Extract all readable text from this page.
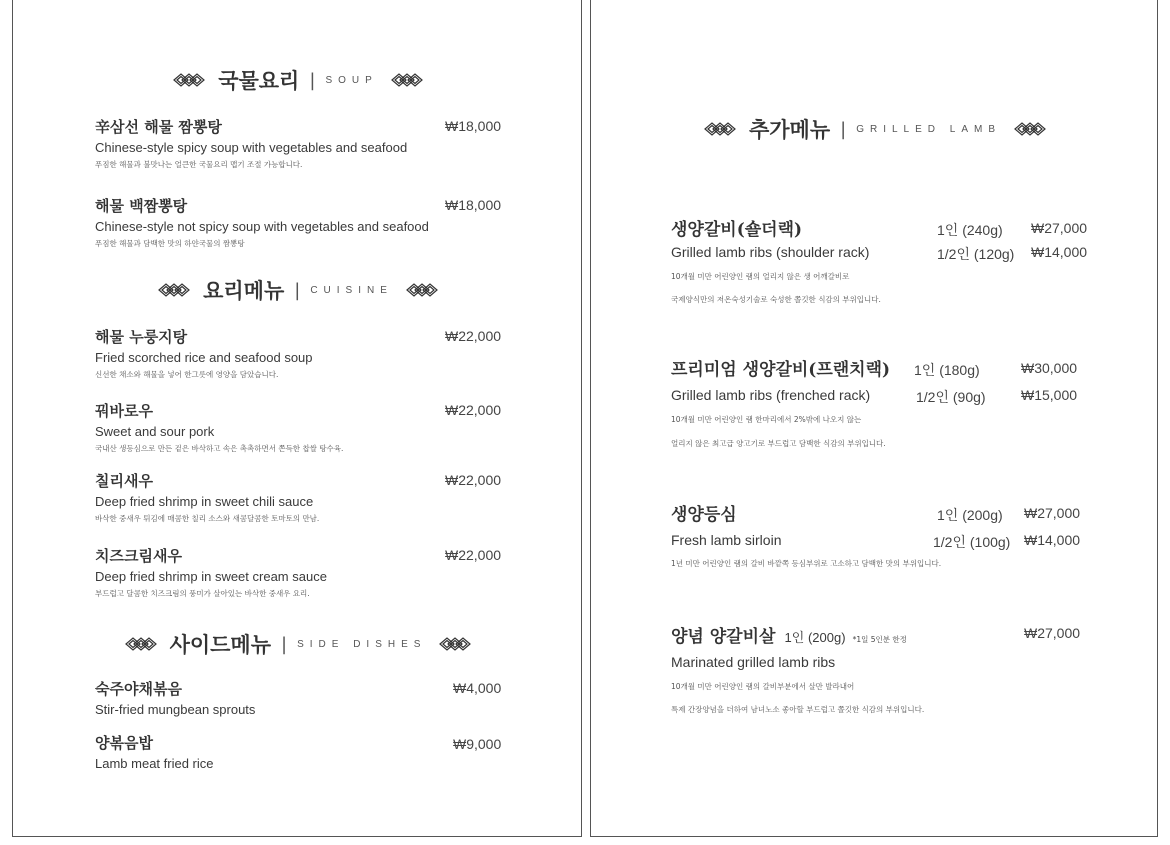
국물요리 | SOUP
辛삼선 해물 짬뽕탕
Chinese-style spicy soup with vegetables and seafood
푸짐한 해물과 불맛나는 얼큰한 국물요리 맵기 조절 가능합니다.
₩18,000
해물 백짬뽕탕
Chinese-style not spicy soup with vegetables and seafood
푸짐한 해물과 담백한 맛의 하얀국물의 짬뽕탕
₩18,000
요리메뉴 | CUISINE
해물 누룽지탕
Fried scorched rice and seafood soup
신선한 채소와 해물을 넣어 한그릇에 영양을 담았습니다.
₩22,000
꿔바로우
Sweet and sour pork
국내산 생등심으로 만든 겉은 바삭하고 속은 촉촉하면서 쫀득한 찹쌀 탕수육.
₩22,000
칠리새우
Deep fried shrimp in sweet chili sauce
바삭한 중새우 튀김에 매콤한 칠리 소스와 새콤달콤한 토마토의 만남.
₩22,000
치즈크림새우
Deep fried shrimp in sweet cream sauce
부드럽고 달콤한 치즈크림의 풍미가 살아있는 바삭한 중새우 요리.
₩22,000
사이드메뉴 | SIDE DISHES
숙주야채볶음
Stir-fried mungbean sprouts
₩4,000
양볶음밥
Lamb meat fried rice
₩9,000
추가메뉴 | GRILLED LAMB
생양갈비(숄더랙)	1인 (240g) ₩27,000
Grilled lamb ribs (shoulder rack)	1/2인 (120g) ₩14,000
10개월 미만 어린양인 램의 얼리지 않은 생 어깨갈비로
국제양식만의 저온숙성기술로 숙성한 쫄깃한 식감의 부위입니다.
프리미엄 생양갈비(프랜치랙) 1인 (180g)	₩30,000
Grilled lamb ribs (frenched rack)	1/2인 (90g)	₩15,000
10개월 미만 어린양인 램 한마리에서 2%밖에 나오지 않는
얼리지 않은 최고급 양고기로 부드럽고 담백한 식감의 부위입니다.
생양등심	1인 (200g) ₩27,000
Fresh lamb sirloin	1/2인 (100g) ₩14,000
1년 미만 어린양인 램의 갈비 바깥쪽 등심부위로 고소하고 담백한 맛의 부위입니다.
양념 양갈비살 1인 (200g) *1일 5인분 한정	₩27,000
Marinated grilled lamb ribs
10개월 미만 어린양인 램의 갈비부분에서 살만 발라내어
특제 간장양념을 더하여 남녀노소 좋아할 부드럽고 쫄깃한 식감의 부위입니다.
